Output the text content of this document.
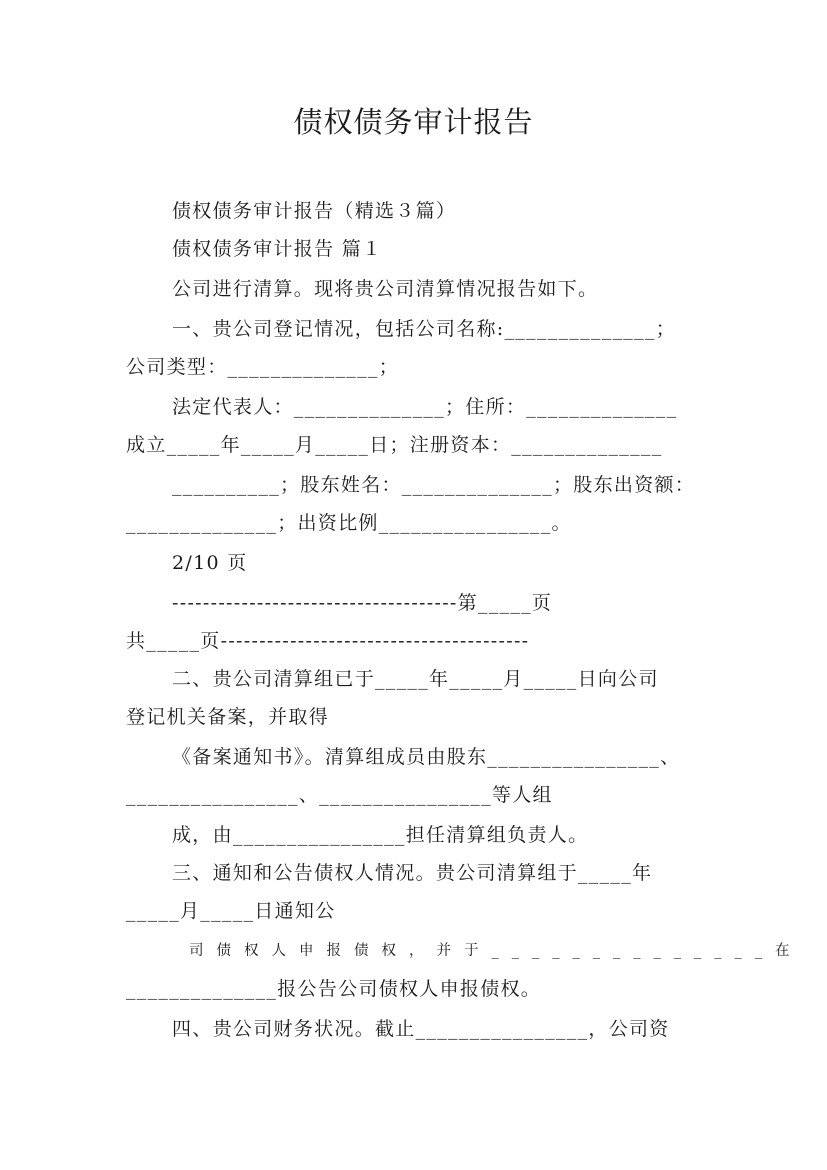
债权债务审计报告
债权债务审计报告（精选３篇）
债权债务审计报告 篇１
公司进行清算。现将贵公司清算情况报告如下。
一、贵公司登记情况，包括公司名称:______________；
公司类型：______________；
法定代表人：______________；住所：______________
成立_____年_____月_____日；注册资本：______________
__________；股东姓名：______________；股东出资额：
______________；出资比例________________。
2/10 页
-------------------------------------第_____页
共_____页----------------------------------------
二、贵公司清算组已于_____年_____月_____日向公司
登记机关备案，并取得
《备案通知书》。清算组成员由股东________________、
________________、________________等人组
成，由________________担任清算组负责人。
三、通知和公告债权人情况。贵公司清算组于_____年
_____月_____日通知公
司债权人申报债权，并于______________在
______________报公告公司债权人申报债权。
四、贵公司财务状况。截止________________，公司资
